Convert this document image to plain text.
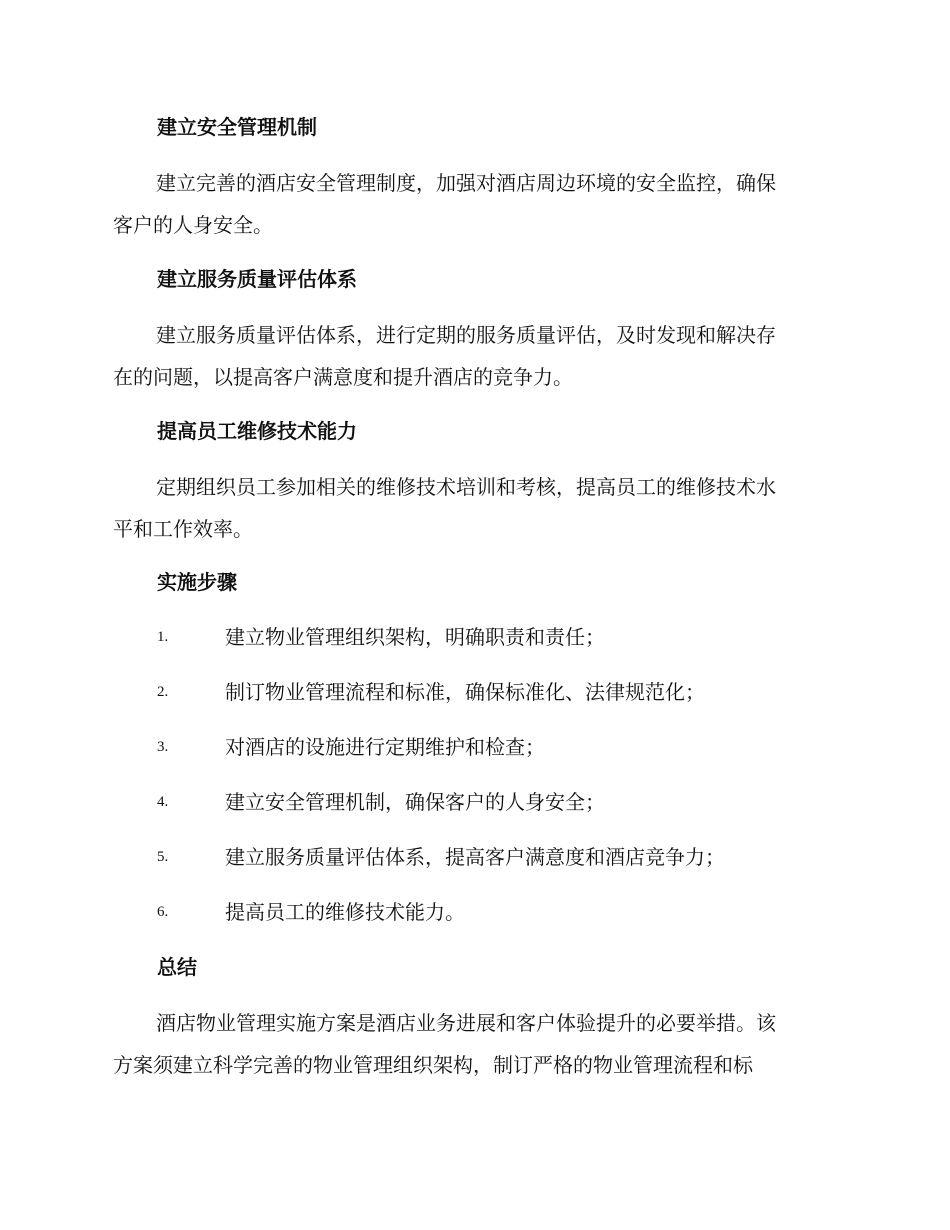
建立安全管理机制
建立完善的酒店安全管理制度，加强对酒店周边环境的安全监控，确保
客户的人身安全。
建立服务质量评估体系
建立服务质量评估体系，进行定期的服务质量评估，及时发现和解决存
在的问题，以提高客户满意度和提升酒店的竞争力。
提高员工维修技术能力
定期组织员工参加相关的维修技术培训和考核，提高员工的维修技术水
平和工作效率。
实施步骤
1.	建立物业管理组织架构，明确职责和责任；
2.	制订物业管理流程和标准，确保标准化、法律规范化；
3.	对酒店的设施进行定期维护和检查；
4.	建立安全管理机制，确保客户的人身安全；
5.	建立服务质量评估体系，提高客户满意度和酒店竞争力；
6.	提高员工的维修技术能力。
总结
酒店物业管理实施方案是酒店业务进展和客户体验提升的必要举措。该
方案须建立科学完善的物业管理组织架构，制订严格的物业管理流程和标
